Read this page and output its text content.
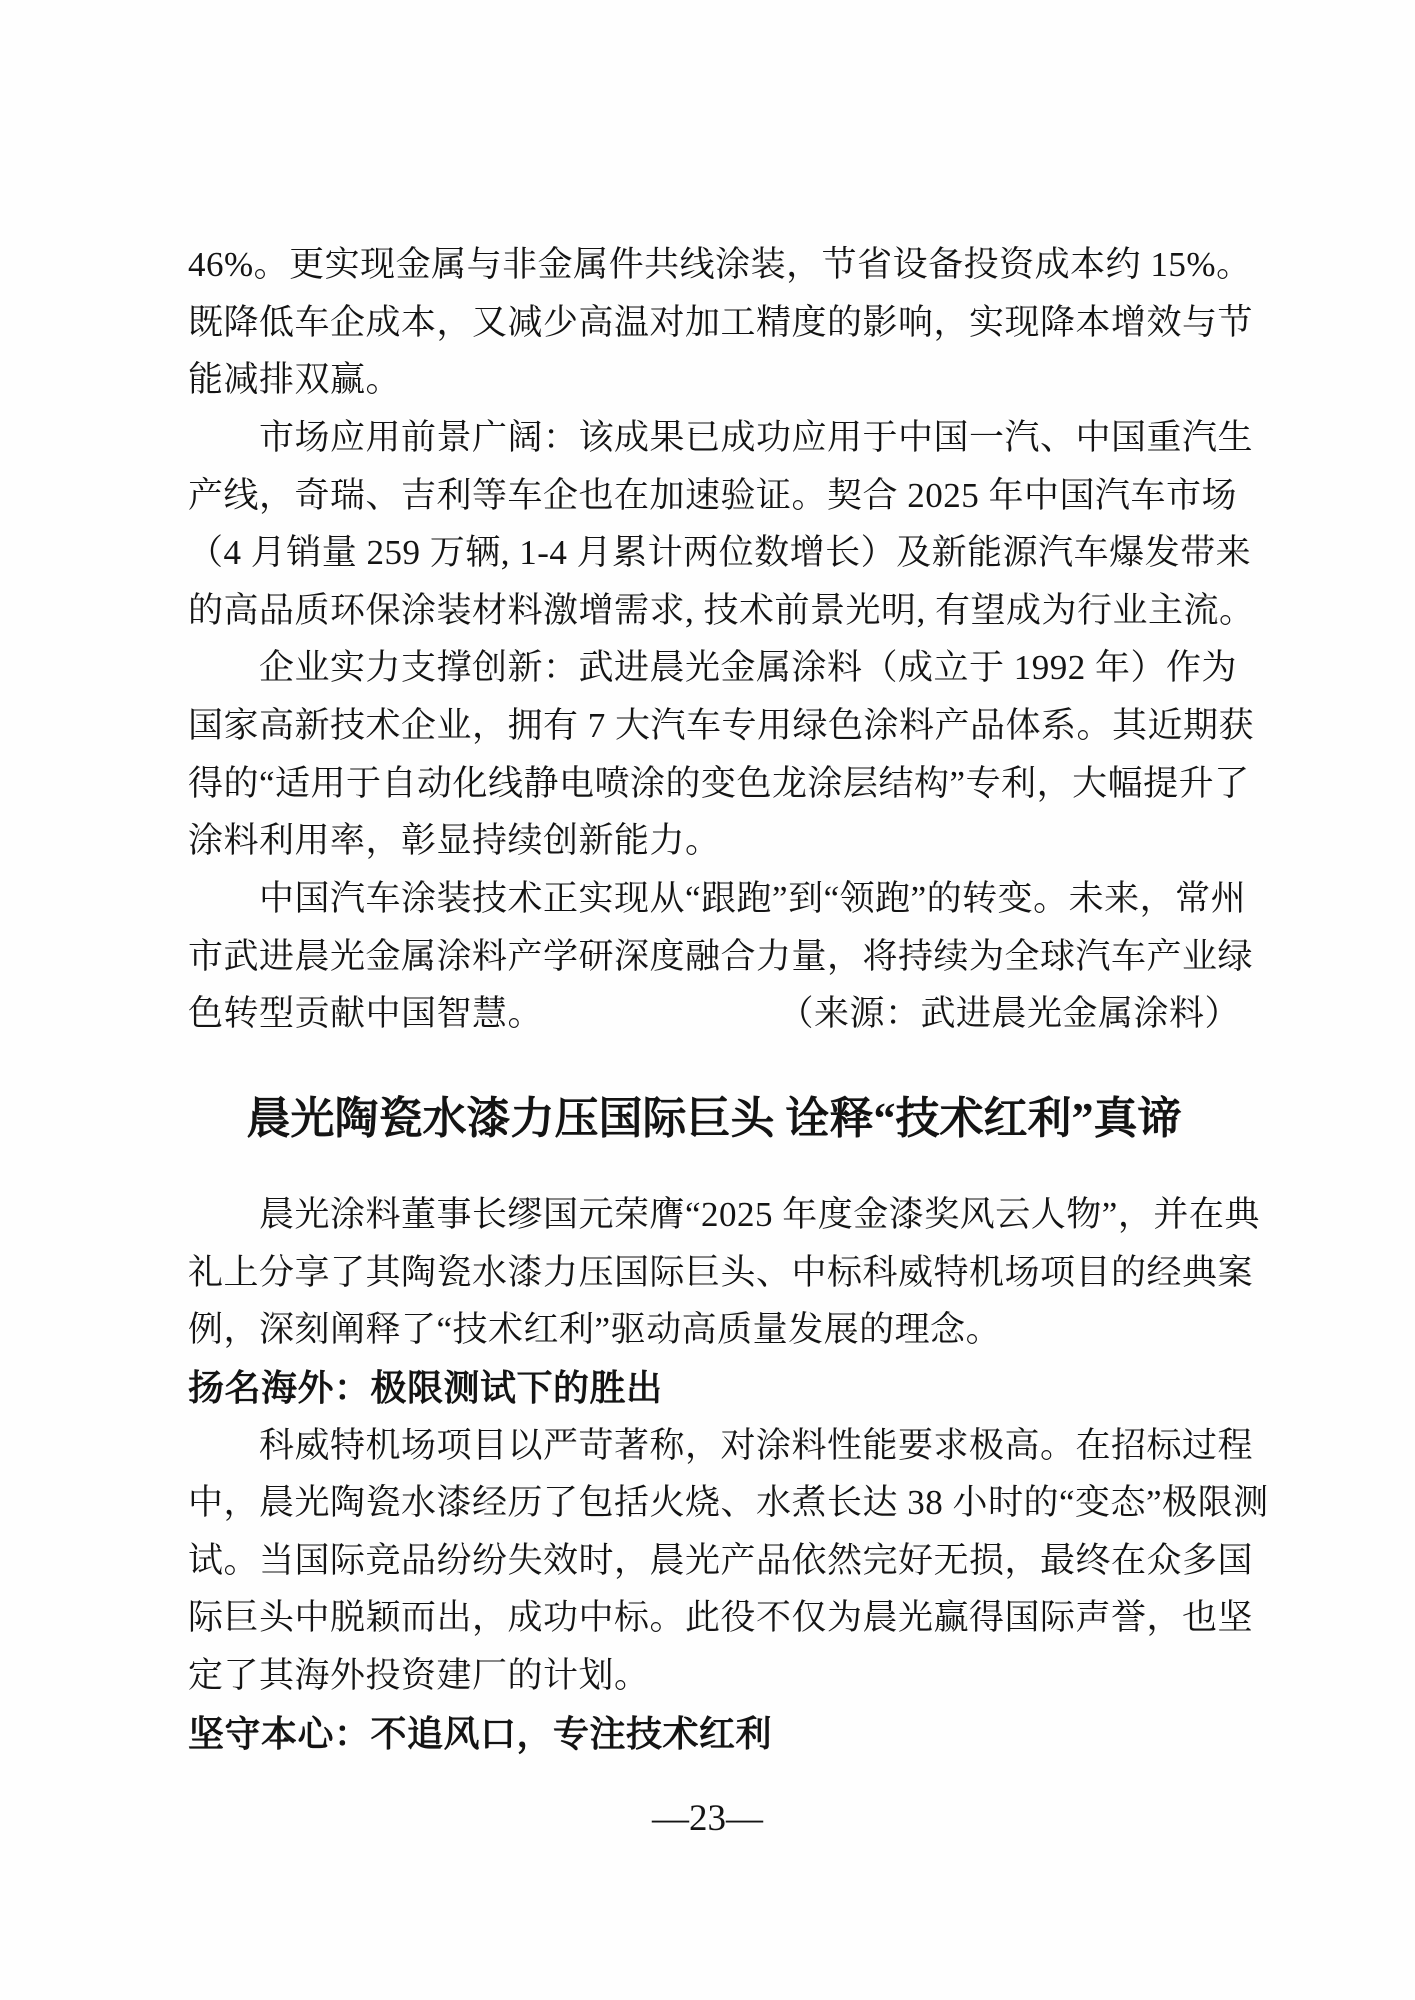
46%。更实现金属与非金属件共线涂装，节省设备投资成本约 15%。
既降低车企成本，又减少高温对加工精度的影响，实现降本增效与节
能减排双赢。
市场应用前景广阔：该成果已成功应用于中国一汽、中国重汽生
产线，奇瑞、吉利等车企也在加速验证。契合 2025 年中国汽车市场
（4 月销量 259 万辆, 1-4 月累计两位数增长）及新能源汽车爆发带来
的高品质环保涂装材料激增需求, 技术前景光明, 有望成为行业主流。
企业实力支撑创新：武进晨光金属涂料（成立于 1992 年）作为
国家高新技术企业，拥有 7 大汽车专用绿色涂料产品体系。其近期获
得的“适用于自动化线静电喷涂的变色龙涂层结构”专利，大幅提升了
涂料利用率，彰显持续创新能力。
中国汽车涂装技术正实现从“跟跑”到“领跑”的转变。未来，常州
市武进晨光金属涂料产学研深度融合力量，将持续为全球汽车产业绿
色转型贡献中国智慧。	（来源：武进晨光金属涂料）
晨光陶瓷水漆力压国际巨头 诠释“技术红利”真谛
晨光涂料董事长缪国元荣膺“2025 年度金漆奖风云人物”，并在典
礼上分享了其陶瓷水漆力压国际巨头、中标科威特机场项目的经典案
例，深刻阐释了“技术红利”驱动高质量发展的理念。
扬名海外：极限测试下的胜出
科威特机场项目以严苛著称，对涂料性能要求极高。在招标过程
中，晨光陶瓷水漆经历了包括火烧、水煮长达 38 小时的“变态”极限测
试。当国际竞品纷纷失效时，晨光产品依然完好无损，最终在众多国
际巨头中脱颖而出，成功中标。此役不仅为晨光赢得国际声誉，也坚
定了其海外投资建厂的计划。
坚守本心：不追风口，专注技术红利
—23—
